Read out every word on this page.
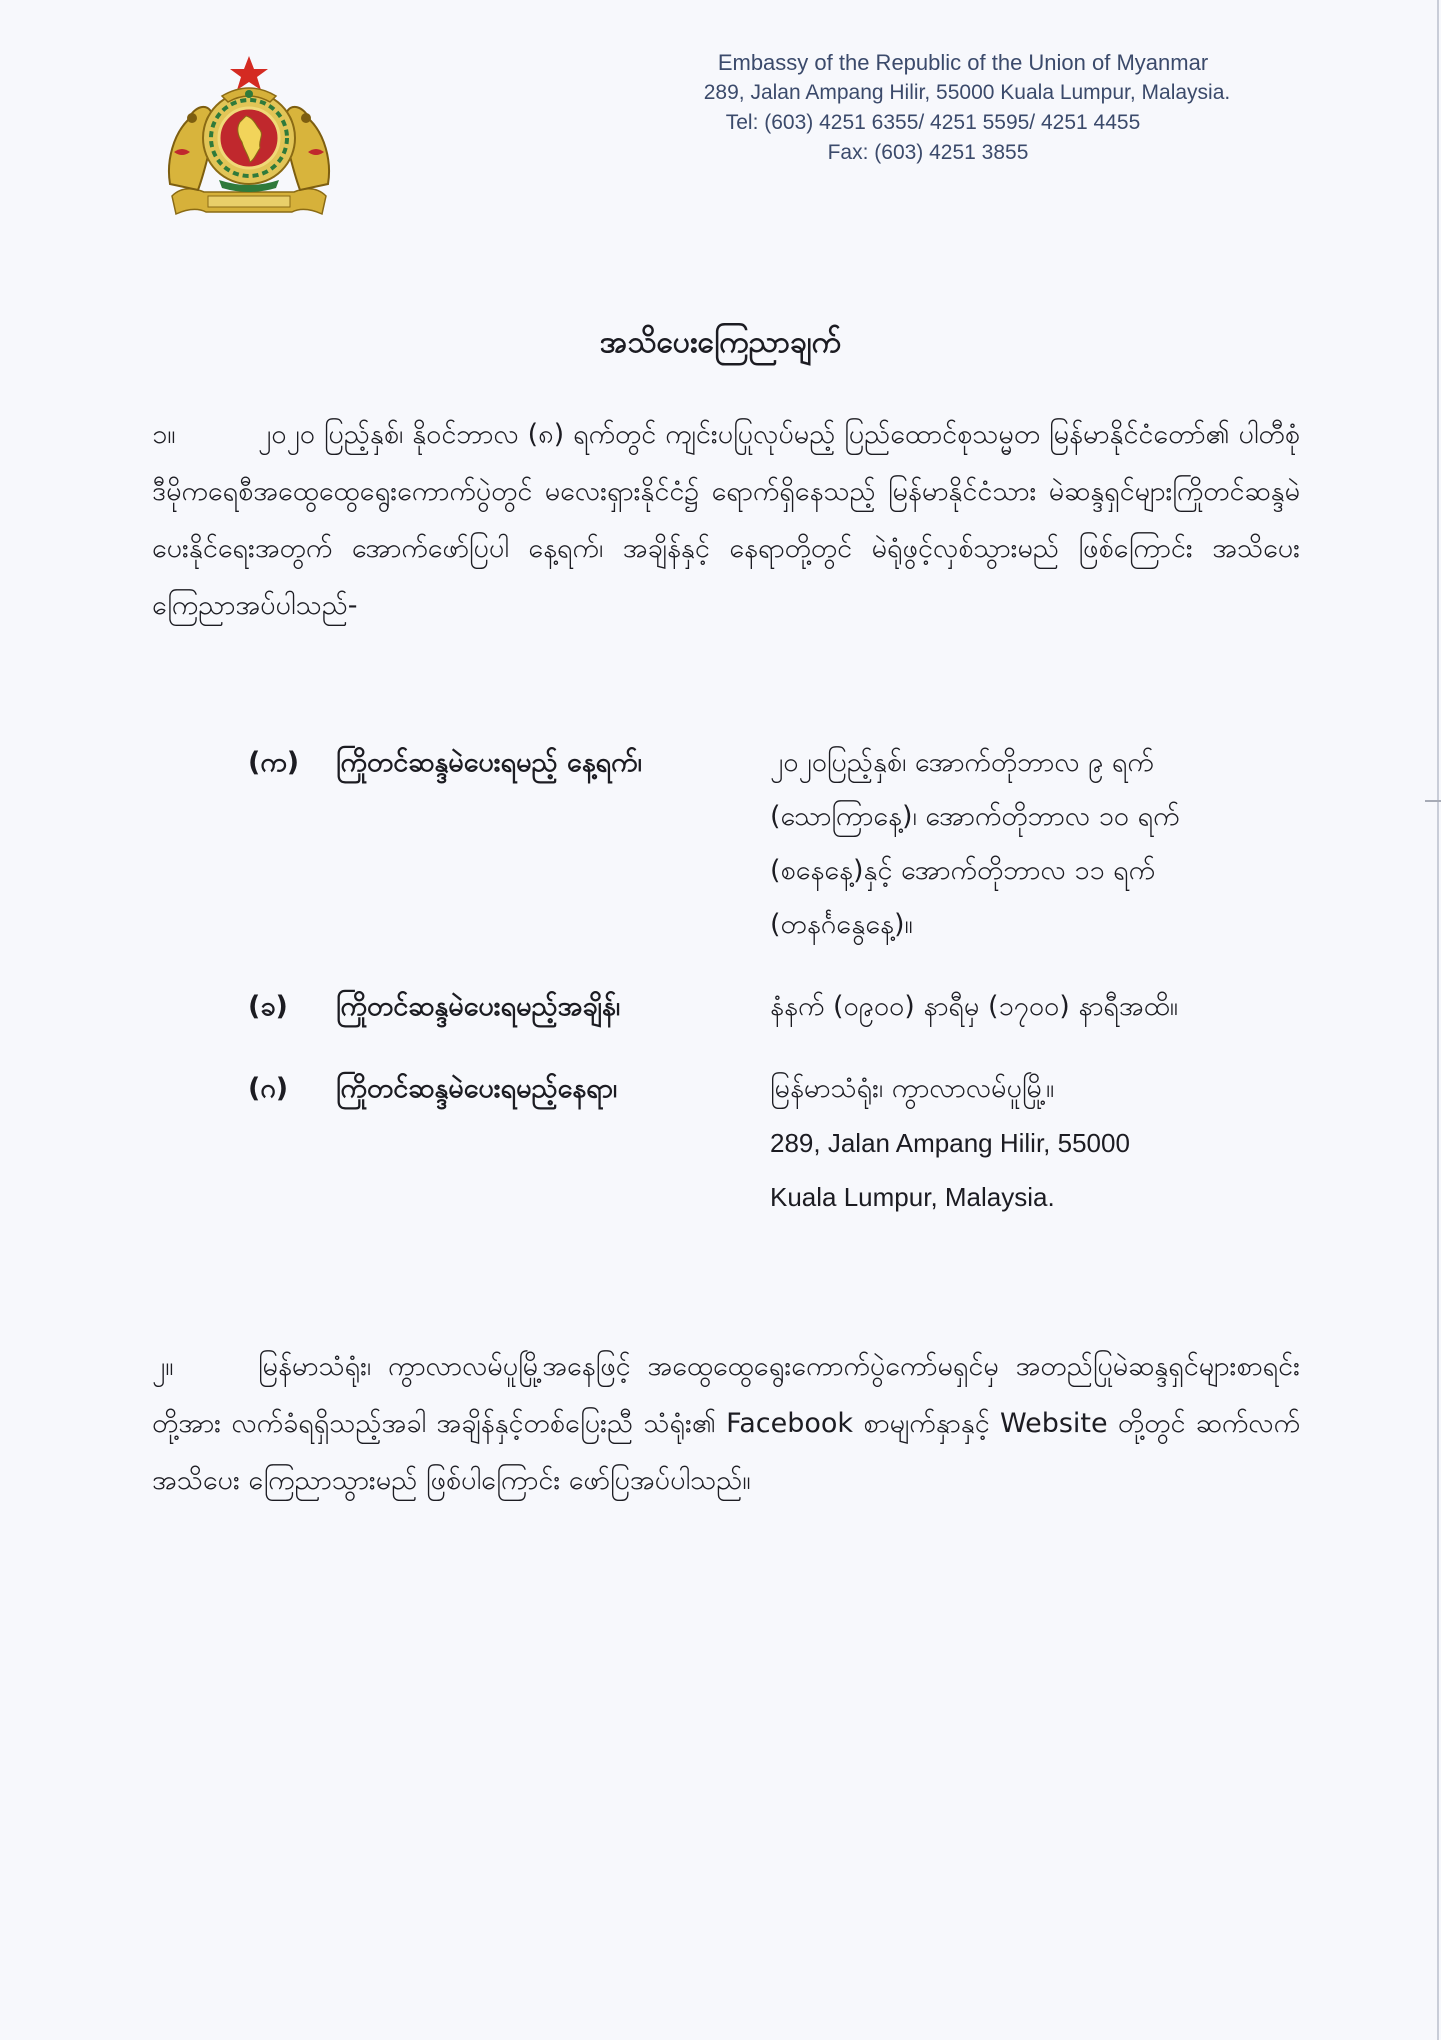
Embassy of the Republic of the Union of Myanmar

289, Jalan Ampang Hilir, 55000 Kuala Lumpur, Malaysia.

Tel: (603) 4251 6355/ 4251 5595/ 4251 4455

Fax: (603) 4251 3855

အသိပေးကြေညာချက်

၁။	၂၀၂၀ ပြည့်နှစ်၊ နိုဝင်ဘာလ (၈) ရက်တွင် ကျင်းပပြုလုပ်မည့် ပြည်ထောင်စုသမ္မတ မြန်မာနိုင်ငံတော်၏ ပါတီစုံဒီမိုကရေစီအထွေထွေရွေးကောက်ပွဲတွင် မလေးရှားနိုင်ငံ၌ ရောက်ရှိနေသည့် မြန်မာနိုင်ငံသား မဲဆန္ဒရှင်များကြိုတင်ဆန္ဒမဲပေးနိုင်ရေးအတွက် အောက်ဖော်ပြပါ နေ့ရက်၊ အချိန်နှင့် နေရာတို့တွင် မဲရုံဖွင့်လှစ်သွားမည် ဖြစ်ကြောင်း အသိပေး ကြေညာအပ်ပါသည်-

(က)	ကြိုတင်ဆန္ဒမဲပေးရမည့် နေ့ရက်၊	၂၀၂၀ပြည့်နှစ်၊ အောက်တိုဘာလ ၉ ရက်
(သောကြာနေ့)၊ အောက်တိုဘာလ ၁၀ ရက်
(စနေနေ့)နှင့် အောက်တိုဘာလ ၁၁ ရက်
(တနင်္ဂနွေနေ့)။
(ခ)	ကြိုတင်ဆန္ဒမဲပေးရမည့်အချိန်၊	နံနက် (၀၉၀၀) နာရီမှ (၁၇၀၀) နာရီအထိ။
(ဂ)	ကြိုတင်ဆန္ဒမဲပေးရမည့်နေရာ၊	မြန်မာသံရုံး၊ ကွာလာလမ်ပူမြို့။
289, Jalan Ampang Hilir, 55000
Kuala Lumpur, Malaysia.

၂။	မြန်မာသံရုံး၊ ကွာလာလမ်ပူမြို့အနေဖြင့် အထွေထွေရွေးကောက်ပွဲကော်မရှင်မှ အတည်ပြုမဲဆန္ဒရှင်များစာရင်းတို့အား လက်ခံရရှိသည့်အခါ အချိန်နှင့်တစ်ပြေးညီ သံရုံး၏ Facebook စာမျက်နှာနှင့် Website တို့တွင် ဆက်လက်အသိပေး ကြေညာသွားမည် ဖြစ်ပါကြောင်း ဖော်ပြအပ်ပါသည်။
